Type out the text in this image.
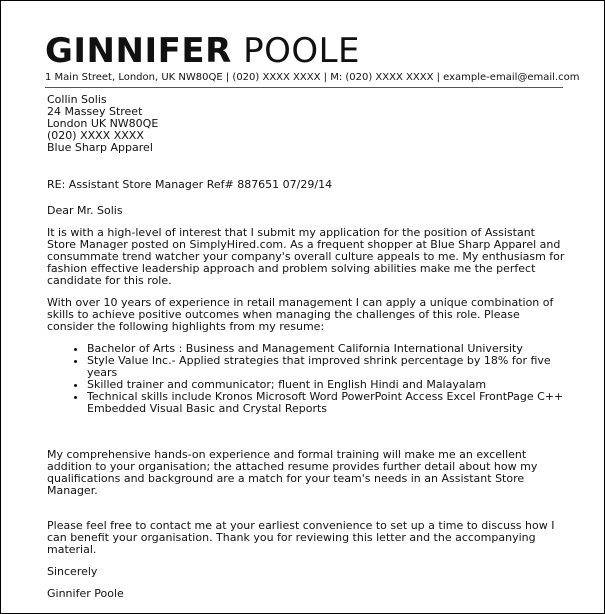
GINNIFER POOLE
1 Main Street, London, UK NW80QE | (020) XXXX XXXX | M: (020) XXXX XXXX | example-email@email.com
Collin Solis
24 Massey Street
London UK NW80QE
(020) XXXX XXXX
Blue Sharp Apparel

RE: Assistant Store Manager Ref# 887651 07/29/14

Dear Mr. Solis

It is with a high-level of interest that I submit my application for the position of Assistant Store Manager posted on SimplyHired.com. As a frequent shopper at Blue Sharp Apparel and consummate trend watcher your company's overall culture appeals to me. My enthusiasm for fashion effective leadership approach and problem solving abilities make me the perfect candidate for this role.

With over 10 years of experience in retail management I can apply a unique combination of skills to achieve positive outcomes when managing the challenges of this role. Please consider the following highlights from my resume:

• Bachelor of Arts : Business and Management California International University
• Style Value Inc.- Applied strategies that improved shrink percentage by 18% for five years
• Skilled trainer and communicator; fluent in English Hindi and Malayalam
• Technical skills include Kronos Microsoft Word PowerPoint Access Excel FrontPage C++ Embedded Visual Basic and Crystal Reports

My comprehensive hands-on experience and formal training will make me an excellent addition to your organisation; the attached resume provides further detail about how my qualifications and background are a match for your team's needs in an Assistant Store Manager.

Please feel free to contact me at your earliest convenience to set up a time to discuss how I can benefit your organisation. Thank you for reviewing this letter and the accompanying material.

Sincerely

Ginnifer Poole
